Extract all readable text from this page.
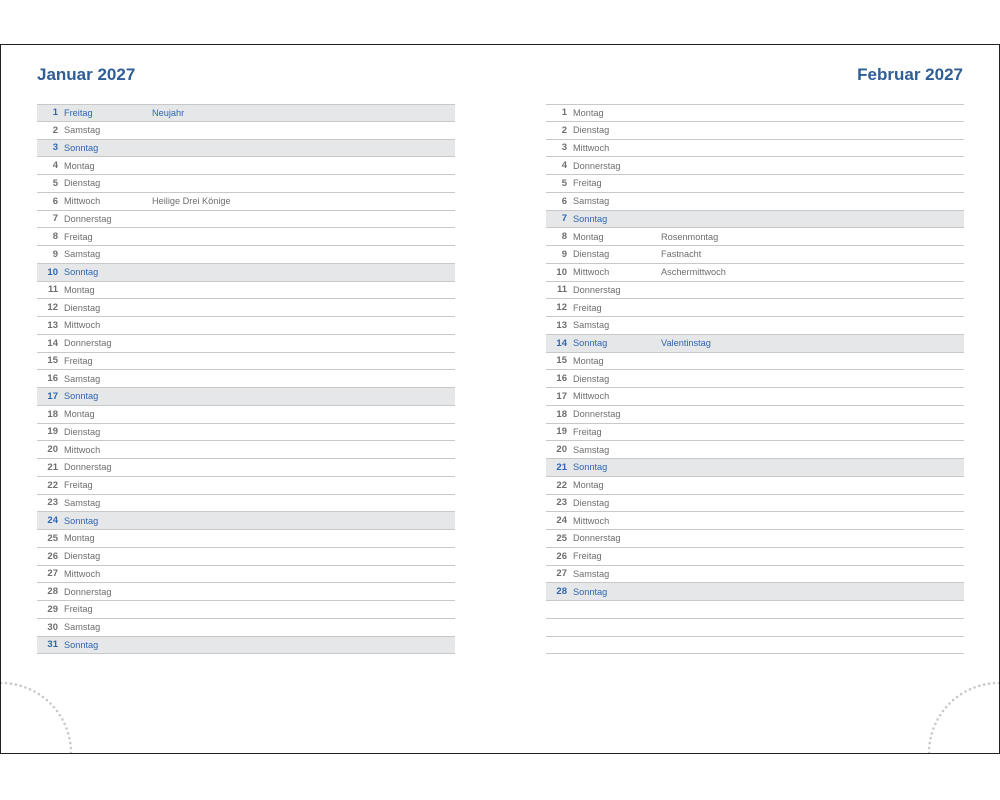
Januar 2027	Februar 2027
1 Freitag	Neujahr
2 Samstag
3 Sonntag
4 Montag
5 Dienstag
6 Mittwoch	Heilige Drei Könige
7 Donnerstag
8 Freitag
9 Samstag
10 Sonntag
11 Montag
12 Dienstag
13 Mittwoch
14 Donnerstag
15 Freitag
16 Samstag
17 Sonntag
18 Montag
19 Dienstag
20 Mittwoch
21 Donnerstag
22 Freitag
23 Samstag
24 Sonntag
25 Montag
26 Dienstag
27 Mittwoch
28 Donnerstag
29 Freitag
30 Samstag
31 Sonntag
1 Montag
2 Dienstag
3 Mittwoch
4 Donnerstag
5 Freitag
6 Samstag
7 Sonntag
8 Montag	Rosenmontag
9 Dienstag	Fastnacht
10 Mittwoch	Aschermittwoch
11 Donnerstag
12 Freitag
13 Samstag
14 Sonntag	Valentinstag
15 Montag
16 Dienstag
17 Mittwoch
18 Donnerstag
19 Freitag
20 Samstag
21 Sonntag
22 Montag
23 Dienstag
24 Mittwoch
25 Donnerstag
26 Freitag
27 Samstag
28 Sonntag
